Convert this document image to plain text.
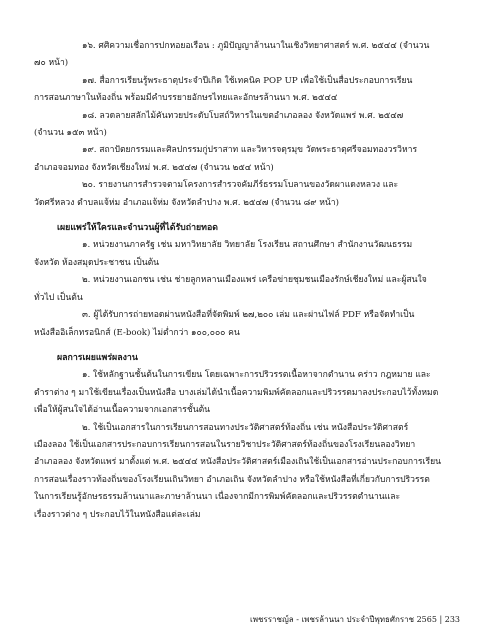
๑๖. ศศิความเชื่อการปกหอยอเรือน : ภูมิปัญญาล้านนาในเชิงวิทยาศาสตร์ พ.ศ. ๒๕๔๔ (จำนวน
๗๐ หน้า)
๑๗. สื่อการเรียนรู้พระธาตุประจำปีเกิด ใช้เทคนิค POP UP เพื่อใช้เป็นสื่อประกอบการเรียน
การสอนภาษาในท้องถิ่น พร้อมมีคำบรรยายอักษรไทยและอักษรล้านนา พ.ศ. ๒๕๔๔
๑๘. ลวดลายสลักไม้คันทวยประดับโบสถ์วิหารในเขตอำเภอลอง จังหวัดแพร่ พ.ศ. ๒๕๔๗
(จำนวน ๑๕๓ หน้า)
๑๙. สถาปัตยกรรมและศิลปกรรมกู่ปราสาท และวิหารจตุรมุข วัดพระธาตุศรีจอมทองวรวิหาร
อำเภอจอมทอง จังหวัดเชียงใหม่ พ.ศ. ๒๕๔๗ (จำนวน ๒๕๔ หน้า)
๒๐. รายงานการสำรวจตามโครงการสำรวจคัมภีร์ธรรมโบลานของวัดผาแดงหลวง และ
วัดศรีหลวง ตำบลแจ้ห่ม อำเภอแจ้ห่ม จังหวัดลำปาง พ.ศ. ๒๕๔๗ (จำนวน ๘๙ หน้า)
เผยแพร่ให้ใครและจำนวนผู้ที่ได้รับถ่ายทอด
๑. หน่วยงานภาครัฐ เช่น มหาวิทยาลัย วิทยาลัย โรงเรียน สถานศึกษา สำนักงานวัฒนธรรม
จังหวัด ห้องสมุดประชาชน เป็นต้น
๒. หน่วยงานเอกชน เช่น ช่ายลูกหลานเมืองแพร่ เครือข่ายชุมชนเมืองรักษ์เชียงใหม่ และผู้สนใจ
ทั่วไป เป็นต้น
๓. ผู้ได้รับการถ่ายทอดผ่านหนังสือที่จัดพิมพ์ ๒๗,๒๐๐ เล่ม และผ่านไฟล์ PDF หรือจัดทำเป็น
หนังสืออิเล็กทรอนิกส์ (E-book) ไม่ต่ำกว่า ๑๐๐,๐๐๐ คน
ผลการเผยแพร่ผลงาน
๑. ใช้หลักฐานชั้นต้นในการเขียน โดยเฉพาะการปริวรรตเนื้อหาจากตำนาน คร่าว กฎหมาย และ
ตำราต่าง ๆ มาใช้เขียนเรื่องเป็นหนังสือ บางเล่มได้นำเนื้อความพิมพ์คัดลอกและปริวรรตมาลงประกอบไว้ทั้งหมด
เพื่อให้ผู้สนใจได้อ่านเนื้อความจากเอกสารชั้นต้น
๒. ใช้เป็นเอกสารในการเรียนการสอนทางประวัติศาสตร์ท้องถิ่น เช่น หนังสือประวัติศาสตร์
เมืองลอง ใช้เป็นเอกสารประกอบการเรียนการสอนในรายวิชาประวัติศาสตร์ท้องถิ่นของโรงเรียนลองวิทยา
อำเภอลอง จังหวัดแพร่ มาตั้งแต่ พ.ศ. ๒๕๔๔ หนังสือประวัติศาสตร์เมืองเถินใช้เป็นเอกสารอ่านประกอบการเรียน
การสอนเรื่องราวท้องถิ่นของโรงเรียนเถินวิทยา อำเภอเถิน จังหวัดลำปาง หรือใช้หนังสือที่เกี่ยวกับการปริวรรต
ในการเรียนรู้อักษรธรรมล้านนาและภาษาล้านนา เนื่องจากมีการพิมพ์คัดลอกและปริวรรตตำนานและ
เรื่องราวต่าง ๆ ประกอบไว้ในหนังสือแต่ละเล่ม
เพชรราชญ์ล - เพชรล้านนา ประจำปีพุทธศักราช 2565 | 233
